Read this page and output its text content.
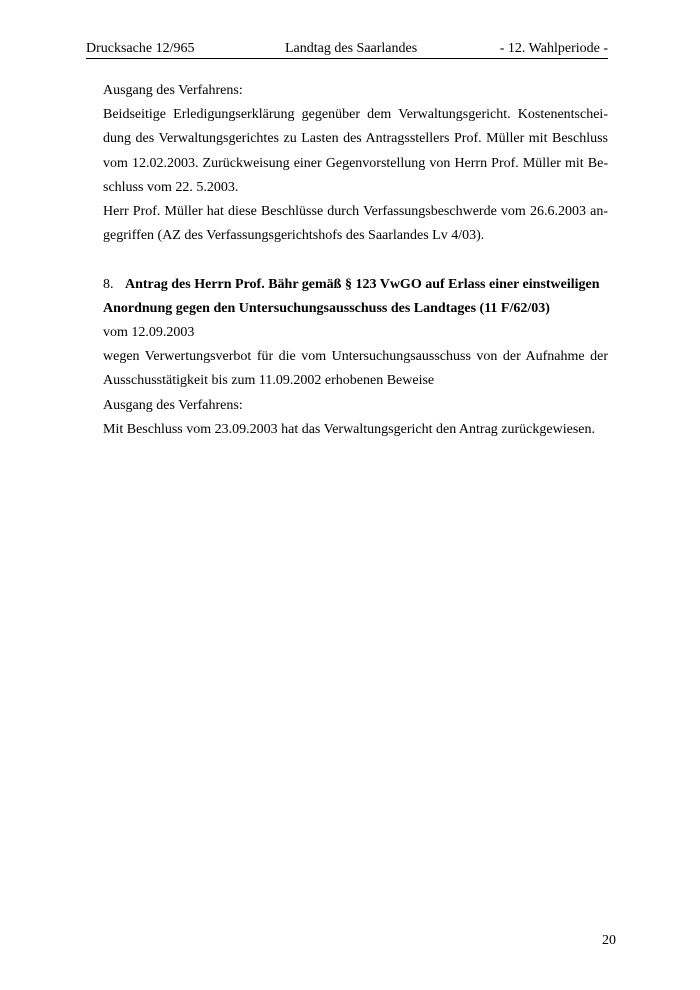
Drucksache 12/965	Landtag des Saarlandes	- 12. Wahlperiode -
Ausgang des Verfahrens:
Beidseitige Erledigungserklärung gegenüber dem Verwaltungsgericht. Kostenentschei-
dung des Verwaltungsgerichtes zu Lasten des Antragsstellers Prof. Müller mit Beschluss
vom 12.02.2003. Zurückweisung einer Gegenvorstellung von Herrn Prof. Müller mit Be-
schluss vom 22. 5.2003.
Herr Prof. Müller hat diese Beschlüsse durch Verfassungsbeschwerde vom 26.6.2003 an-
gegriffen (AZ des Verfassungsgerichtshofs des Saarlandes Lv 4/03).
8. Antrag des Herrn Prof. Bähr gemäß § 123 VwGO auf Erlass einer einstweiligen
Anordnung gegen den Untersuchungsausschuss des Landtages (11 F/62/03)
vom 12.09.2003
wegen Verwertungsverbot für die vom Untersuchungsausschuss von der Aufnahme der
Ausschusstätigkeit bis zum 11.09.2002 erhobenen Beweise
Ausgang des Verfahrens:
Mit Beschluss vom 23.09.2003 hat das Verwaltungsgericht den Antrag zurückgewiesen.
20
